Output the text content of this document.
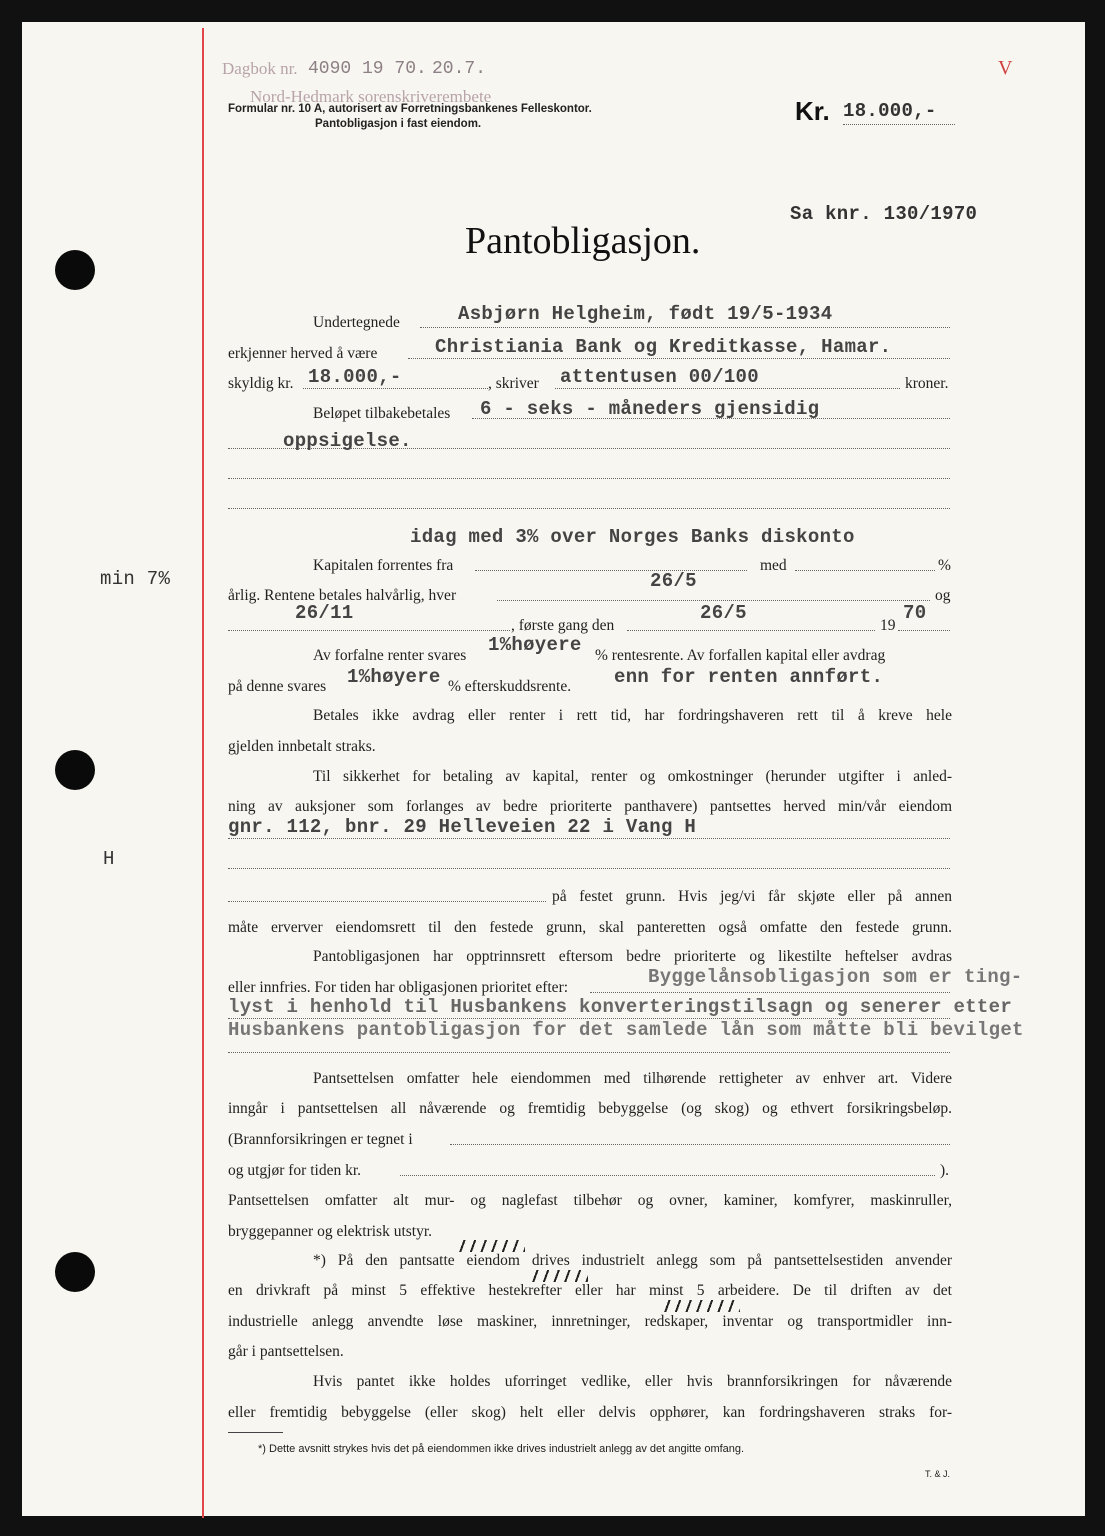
Dagbok nr. 4090 19 70. 20.7.
Nord-Hedmark sorenskriverembete
Formular nr. 10 A, autorisert av Forretningsbankenes Felleskontor.
Pantobligasjon i fast eiendom.	Kr. 18.000,-
V
Sa knr. 130/1970
Pantobligasjon.
min 7%
H
Undertegnede	Asbjørn Helgheim, født 19/5-1934
erkjenner herved å være	Christiania Bank og Kreditkasse, Hamar.
skyldig kr. 18.000,-	, skriver attentusen 00/100	kroner.
Beløpet tilbakebetales 6 - seks - måneders gjensidig
oppsigelse.
idag med 3% over Norges Banks diskonto
Kapitalen forrentes fra	med	%
årlig. Rentene betales halvårlig, hver
26/5
og
26/11
, første gang den
26/5
19
70
Av forfalne renter svares 1%høyere % rentesrente. Av forfallen kapital eller avdrag
på denne svares 1%høyere % efterskuddsrente. enn for renten annført.
Betales ikke avdrag eller renter i rett tid, har fordringshaveren rett til å kreve hele
gjelden innbetalt straks.
Til sikkerhet for betaling av kapital, renter og omkostninger (herunder utgifter i anled-
ning av auksjoner som forlanges av bedre prioriterte panthavere) pantsettes herved min/vår eiendom
gnr. 112, bnr. 29 Helleveien 22 i Vang H
på festet grunn. Hvis jeg/vi får skjøte eller på annen
måte erverver eiendomsrett til den festede grunn, skal panteretten også omfatte den festede grunn.
Pantobligasjonen har opptrinnsrett eftersom bedre prioriterte og likestilte heftelser avdras
eller innfries. For tiden har obligasjonen prioritet efter:	Byggelånsobligasjon som er ting-
lyst i henhold til Husbankens konverteringstilsagn og senerer etter
Husbankens pantobligasjon for det samlede lån som måtte bli bevilget
Pantsettelsen omfatter hele eiendommen med tilhørende rettigheter av enhver art. Videre
inngår i pantsettelsen all nåværende og fremtidig bebyggelse (og skog) og ethvert forsikringsbeløp.
(Brannforsikringen er tegnet i
og utgjør for tiden kr.	).
Pantsettelsen omfatter alt mur- og naglefast tilbehør og ovner, kaminer, komfyrer, maskinruller,
bryggepanner og elektrisk utstyr.
*) På den pantsatte eiendom drives industrielt anlegg som på pantsettelsestiden anvender
en drivkraft på minst 5 effektive hestekrefter eller har minst 5 arbeidere. De til driften av det
industrielle anlegg anvendte løse maskiner, innretninger, redskaper, inventar og transportmidler inn-
går i pantsettelsen.
Hvis pantet ikke holdes uforringet vedlike, eller hvis brannforsikringen for nåværende
eller fremtidig bebyggelse (eller skog) helt eller delvis opphører, kan fordringshaveren straks for-
*) Dette avsnitt strykes hvis det på eiendommen ikke drives industrielt anlegg av det angitte omfang.
T. & J.
